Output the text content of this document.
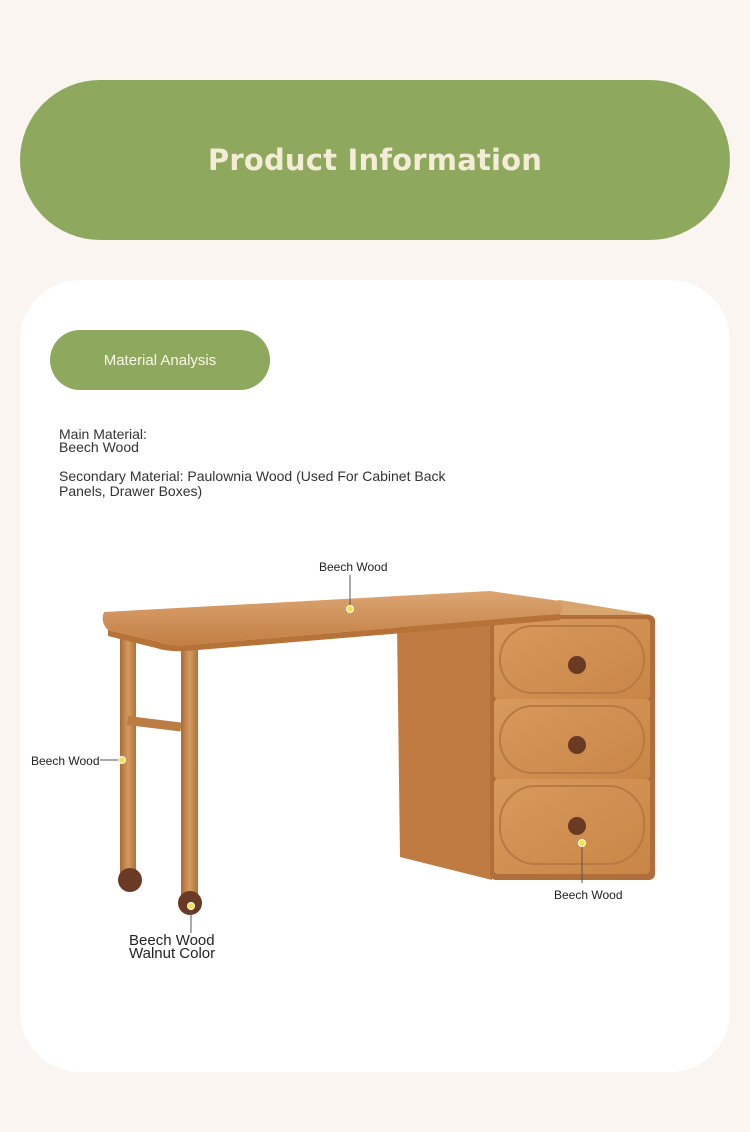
Product Information
Material Analysis
Main Material:
Beech Wood
Secondary Material: Paulownia Wood (Used For Cabinet Back Panels, Drawer Boxes)
Beech Wood
Beech Wood
Beech Wood
Beech Wood
Walnut Color
